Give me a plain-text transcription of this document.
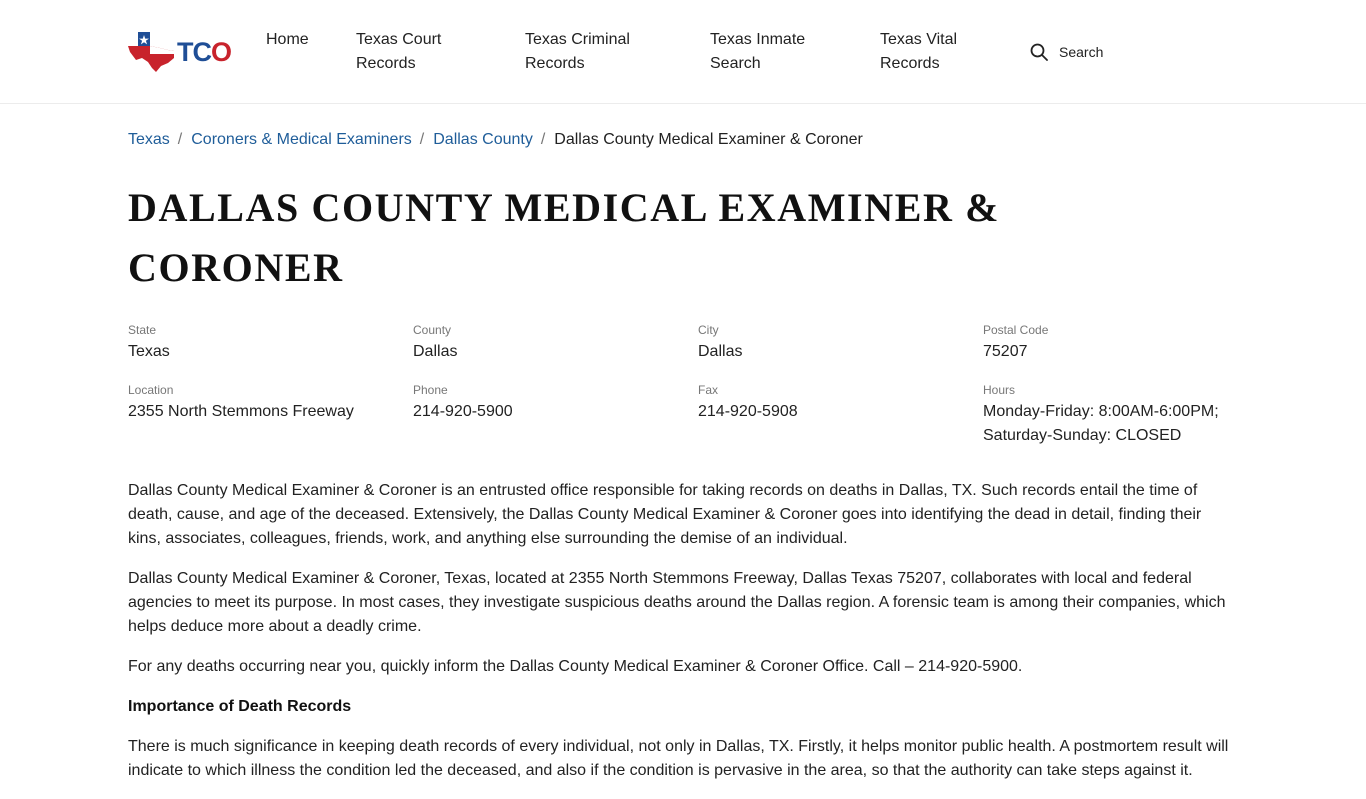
TCO Home	Texas Court Records
Texas Criminal Records
Texas Inmate Search
Texas Vital Records
Search
Texas / Coroners & Medical Examiners / Dallas County / Dallas County Medical Examiner & Coroner
DALLAS COUNTY MEDICAL EXAMINER & CORONER
State
Texas
County
Dallas
City
Dallas
Postal Code
75207
Location
2355 North Stemmons Freeway
Phone
214-920-5900
Fax
214-920-5908
Hours
Monday-Friday: 8:00AM-6:00PM;
Saturday-Sunday: CLOSED

Dallas County Medical Examiner & Coroner is an entrusted office responsible for taking records on deaths in Dallas, TX. Such records entail the time of death, cause, and age of the deceased. Extensively, the Dallas County Medical Examiner & Coroner goes into identifying the dead in detail, finding their kins, associates, colleagues, friends, work, and anything else surrounding the demise of an individual.

Dallas County Medical Examiner & Coroner, Texas, located at 2355 North Stemmons Freeway, Dallas Texas 75207, collaborates with local and federal agencies to meet its purpose. In most cases, they investigate suspicious deaths around the Dallas region. A forensic team is among their companies, which helps deduce more about a deadly crime.

For any deaths occurring near you, quickly inform the Dallas County Medical Examiner & Coroner Office. Call – 214-920-5900.

Importance of Death Records

There is much significance in keeping death records of every individual, not only in Dallas, TX. Firstly, it helps monitor public health. A postmortem result will indicate to which illness the condition led the deceased, and also if the condition is pervasive in the area, so that the authority can take steps against it.
